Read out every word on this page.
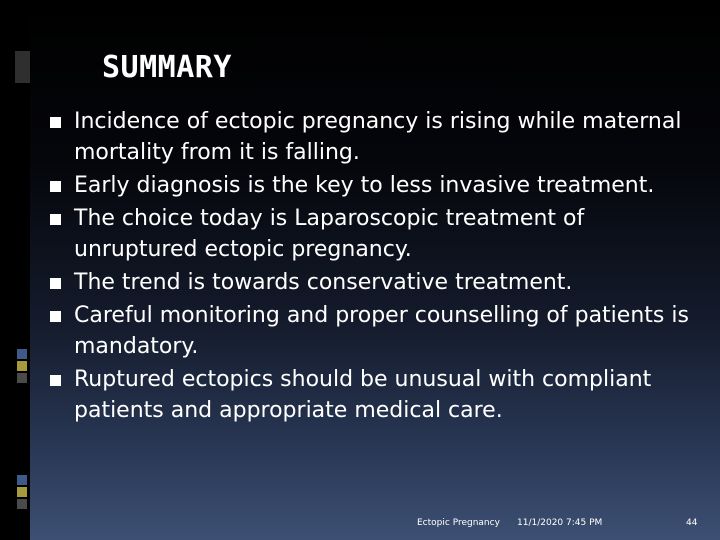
SUMMARY
Incidence of ectopic pregnancy is rising while maternal mortality from it is falling.
Early diagnosis is the key to less invasive treatment.
The choice today is Laparoscopic treatment of unruptured ectopic pregnancy.
The trend is towards conservative treatment.
Careful monitoring and proper counselling of patients is mandatory.
Ruptured ectopics should be unusual with compliant patients and appropriate medical care.
Ectopic Pregnancy 11/1/2020 7:45 PM	44
